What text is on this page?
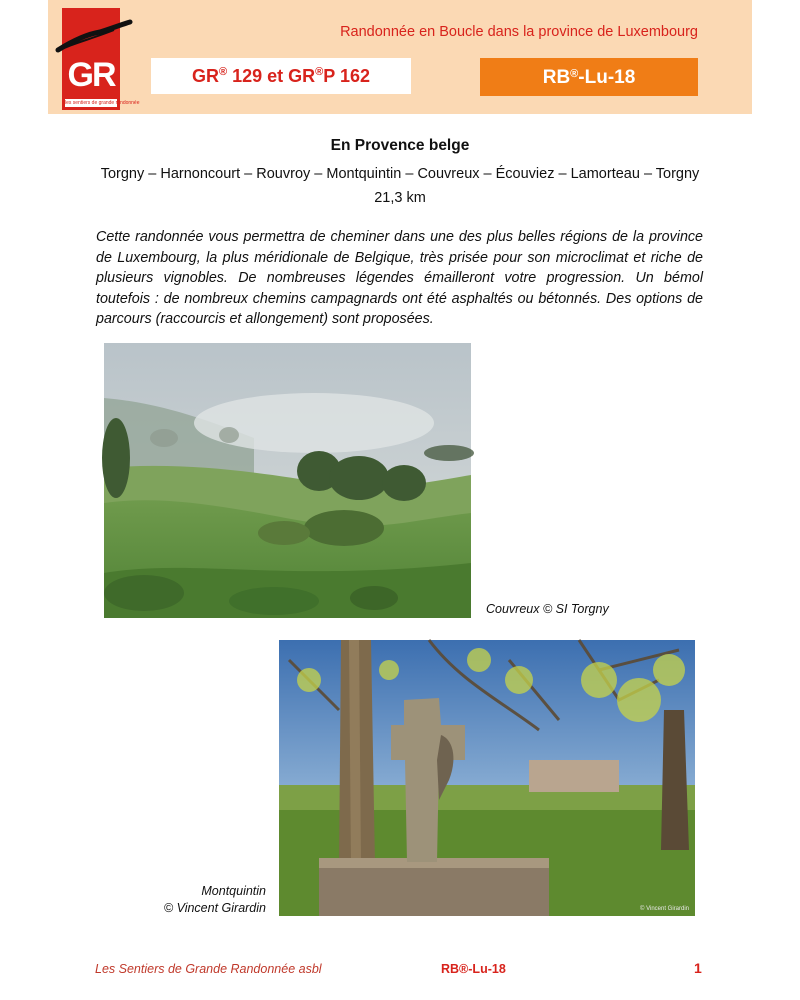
GR
les sentiers de grande randonnée
Randonnée en Boucle dans la province de Luxembourg
GR® 129 et GR®P 162	RB®-Lu-18
En Provence belge
Torgny – Harnoncourt – Rouvroy – Montquintin – Couvreux – Écouviez – Lamorteau – Torgny
21,3 km

Cette randonnée vous permettra de cheminer dans une des plus belles régions de la province de Luxembourg, la plus méridionale de Belgique, très prisée pour son microclimat et riche de plusieurs vignobles. De nombreuses légendes émailleront votre progression. Un bémol toutefois : de nombreux chemins campagnards ont été asphaltés ou bétonnés. Des options de parcours (raccourcis et allongement) sont proposées.

Couvreux © SI Torgny
© Vincent Girardin
Montquintin
© Vincent Girardin
Les Sentiers de Grande Randonnée asbl	RB®-Lu-18	1
